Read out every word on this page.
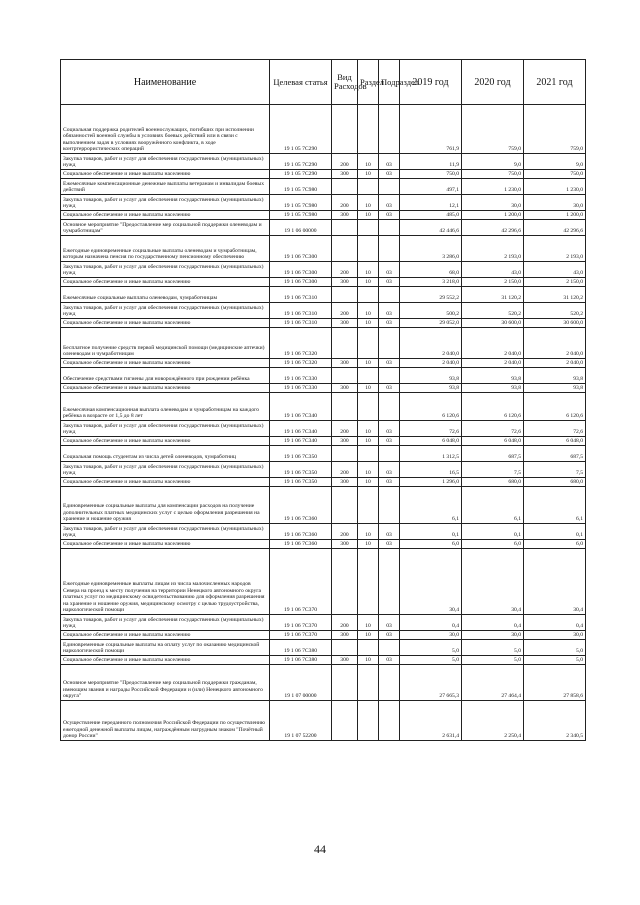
Наименование	Целевая статья	Вид Расходов	Раздел	Подраздел	2019 год	2020 год	2021 год
Социальная поддержка родителей военнослужащих, погибших при исполнении обязанностей военной службы в условиях боевых действий или в связи с выполнением задач в условиях вооружённого конфликта, в ходе контртеррористических операций	19 1 05 7С290				761,9	759,0	759,0
Закупка товаров, работ и услуг для обеспечения государственных (муниципальных) нужд	19 1 05 7С290	200	10	03	11,9	9,0	9,0
Социальное обеспечение и иные выплаты населению	19 1 05 7С290	300	10	03	750,0	750,0	750,0
Ежемесячные компенсационные денежные выплаты ветеранам и инвалидам боевых действий	19 1 05 7С980				497,1	1 230,0	1 230,0
Закупка товаров, работ и услуг для обеспечения государственных (муниципальных) нужд	19 1 05 7С980	200	10	03	12,1	30,0	30,0
Социальное обеспечение и иные выплаты населению	19 1 05 7С980	300	10	03	485,0	1 200,0	1 200,0
Основное мероприятие "Предоставление мер социальной поддержки оленеводам и чумработницам"	19 1 06 00000				42 446,6	42 296,6	42 296,6
Ежегодные единовременные социальные выплаты оленеводам и чумработницам, которым назначена пенсия по государственному пенсионному обеспечению	19 1 06 7С300				3 286,0	2 193,0	2 193,0
Закупка товаров, работ и услуг для обеспечения государственных (муниципальных) нужд	19 1 06 7С300	200	10	03	68,0	43,0	43,0
Социальное обеспечение и иные выплаты населению	19 1 06 7С300	300	10	03	3 218,0	2 150,0	2 150,0
Ежемесячные социальные выплаты оленеводам, чумработницам	19 1 06 7С310				29 552,2	31 120,2	31 120,2
Закупка товаров, работ и услуг для обеспечения государственных (муниципальных) нужд	19 1 06 7С310	200	10	03	500,2	520,2	520,2
Социальное обеспечение и иные выплаты населению	19 1 06 7С310	300	10	03	29 052,0	30 600,0	30 600,0
Бесплатное получение средств первой медицинской помощи (медицинские аптечки) оленеводам и чумработницам	19 1 06 7С320				2 040,0	2 040,0	2 040,0
Социальное обеспечение и иные выплаты населению	19 1 06 7С320	300	10	03	2 040,0	2 040,0	2 040,0
Обеспечение средствами гигиены для новорождённого при рождении ребёнка	19 1 06 7С330				93,8	93,8	93,8
Социальное обеспечение и иные выплаты населению	19 1 06 7С330	300	10	03	93,8	93,8	93,8
Ежемесячная компенсационная выплата оленеводам и чумработницам на каждого ребёнка в возрасте от 1,5 до 8 лет	19 1 06 7С340				6 120,6	6 120,6	6 120,6
Закупка товаров, работ и услуг для обеспечения государственных (муниципальных) нужд	19 1 06 7С340	200	10	03	72,6	72,6	72,6
Социальное обеспечение и иные выплаты населению	19 1 06 7С340	300	10	03	6 048,0	6 048,0	6 048,0
Социальная помощь студентам из числа детей оленеводов, чумработниц	19 1 06 7С350				1 312,5	687,5	687,5
Закупка товаров, работ и услуг для обеспечения государственных (муниципальных) нужд	19 1 06 7С350	200	10	03	16,5	7,5	7,5
Социальное обеспечение и иные выплаты населению	19 1 06 7С350	300	10	03	1 296,0	680,0	680,0
Единовременные социальные выплаты для компенсации расходов на получение дополнительных платных медицинских услуг с целью оформления разрешения на хранение и ношение оружия	19 1 06 7С360				6,1	6,1	6,1
Закупка товаров, работ и услуг для обеспечения государственных (муниципальных) нужд	19 1 06 7С360	200	10	03	0,1	0,1	0,1
Социальное обеспечение и иные выплаты населению	19 1 06 7С360	300	10	03	6,0	6,0	6,0
Ежегодные единовременные выплаты лицам из числа малочисленных народов Севера на проезд к месту получения на территории Ненецкого автономного округа платных услуг по медицинскому освидетельствованию для оформления разрешения на хранение и ношение оружия, медицинскому осмотру с целью трудоустройства, наркологической помощи	19 1 06 7С370				30,4	30,4	30,4
Закупка товаров, работ и услуг для обеспечения государственных (муниципальных) нужд	19 1 06 7С370	200	10	03	0,4	0,4	0,4
Социальное обеспечение и иные выплаты населению	19 1 06 7С370	300	10	03	30,0	30,0	30,0
Единовременные социальные выплаты на оплату услуг по оказанию медицинской наркологической помощи	19 1 06 7С380				5,0	5,0	5,0
Социальное обеспечение и иные выплаты населению	19 1 06 7С380	300	10	03	5,0	5,0	5,0
Основное мероприятие "Предоставление мер социальной поддержки гражданам, имеющим звания и награды Российской Федерации и (или) Ненецкого автономного округа"	19 1 07 00000				27 665,3	27 464,4	27 858,6
Осуществление переданного полномочия Российской Федерации по осуществлению ежегодной денежной выплаты лицам, награждённым нагрудным знаком "Почётный донор России"	19 1 07 52200				2 631,4	2 250,4	2 340,5
44
